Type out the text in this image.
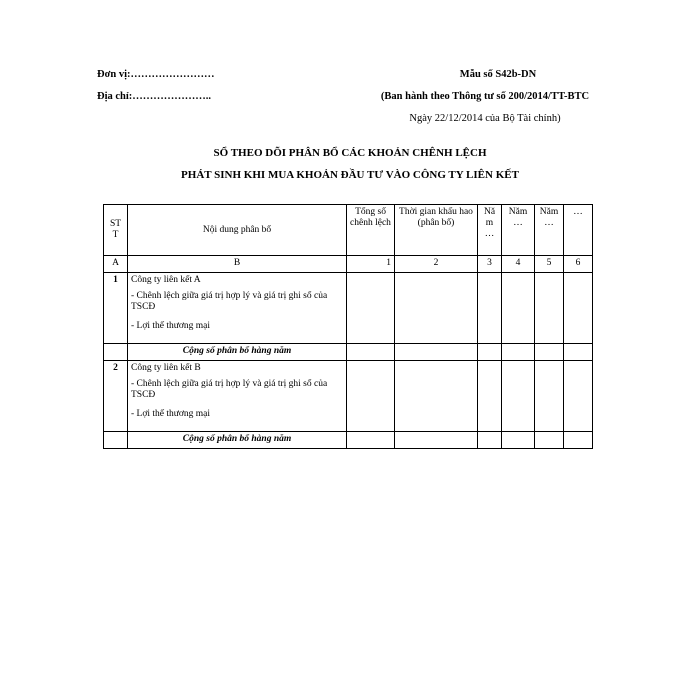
Đơn vị:……………………
Địa chỉ:…………………..
Mẫu số S42b-DN
(Ban hành theo Thông tư số 200/2014/TT-BTC
Ngày 22/12/2014 của Bộ Tài chính)
SỔ THEO DÕI PHÂN BỔ CÁC KHOẢN CHÊNH LỆCH
PHÁT SINH KHI MUA KHOẢN ĐẦU TƯ VÀO CÔNG TY LIÊN KẾT
ST T	Nội dung phân bổ	Tổng số chênh lệch	Thời gian khấu hao (phân bổ)	Nă m …	Năm …	Năm …	…
A	B	1	2	3	4	5	6
1	Công ty liên kết A
- Chênh lệch giữa giá trị hợp lý và giá trị ghi sổ của TSCĐ
- Lợi thế thương mại						

	Cộng số phân bổ hàng năm						
2	Công ty liên kết B
- Chênh lệch giữa giá trị hợp lý và giá trị ghi sổ của TSCĐ
- Lợi thế thương mại						

	Cộng số phân bổ hàng năm						
